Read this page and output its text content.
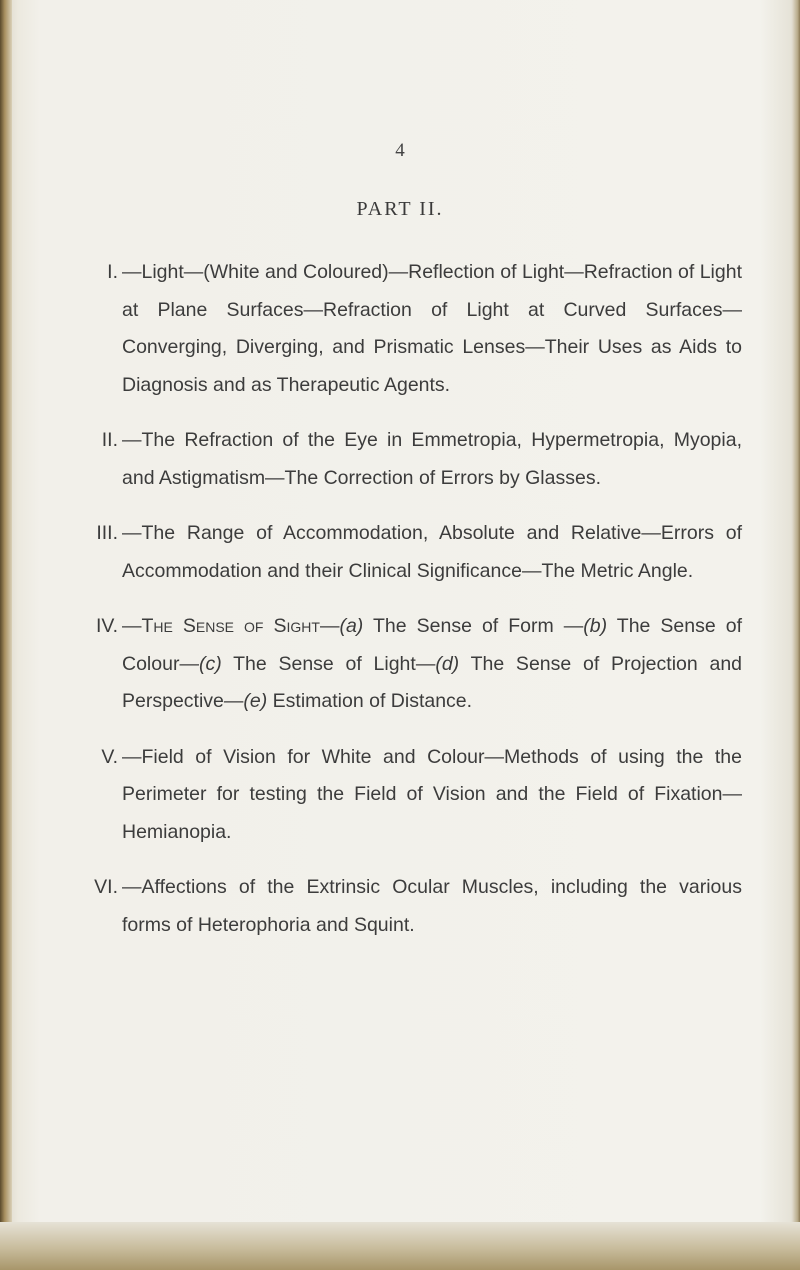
4
PART II.
I. —Light—(White and Coloured)—Reflection of Light—Refraction of Light at Plane Surfaces—Refraction of Light at Curved Surfaces—Converging, Diverging, and Prismatic Lenses—Their Uses as Aids to Diagnosis and as Therapeutic Agents.
II. —The Refraction of the Eye in Emmetropia, Hypermetropia, Myopia, and Astigmatism—The Correction of Errors by Glasses.
III. —The Range of Accommodation, Absolute and Relative—Errors of Accommodation and their Clinical Significance—The Metric Angle.
IV. —The Sense of Sight—(a) The Sense of Form —(b) The Sense of Colour—(c) The Sense of Light—(d) The Sense of Projection and Perspective—(e) Estimation of Distance.
V. —Field of Vision for White and Colour—Methods of using the the Perimeter for testing the Field of Vision and the Field of Fixation—Hemianopia.
VI. —Affections of the Extrinsic Ocular Muscles, including the various forms of Heterophoria and Squint.
